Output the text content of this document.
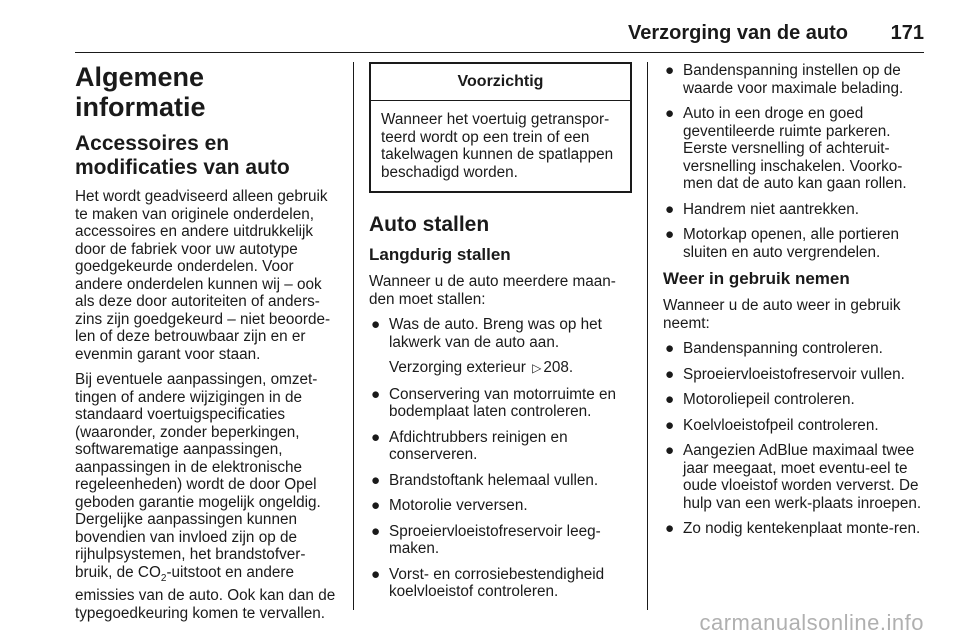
Verzorging van de auto 171
Algemene informatie
Accessoires en modificaties van auto

Het wordt geadviseerd alleen gebruik te maken van originele onderdelen, accessoires en andere uitdrukkelijk door de fabriek voor uw autotype goedgekeurde onderdelen. Voor andere onderdelen kunnen wij – ook als deze door autoriteiten of anders-zins zijn goedgekeurd – niet beoorde-len of deze betrouwbaar zijn en er evenmin garant voor staan.

Bij eventuele aanpassingen, omzet-tingen of andere wijzigingen in de standaard voertuigspecificaties (waaronder, zonder beperkingen, softwarematige aanpassingen, aanpassingen in de elektronische regeleenheden) wordt de door Opel geboden garantie mogelijk ongeldig. Dergelijke aanpassingen kunnen bovendien van invloed zijn op de rijhulpsystemen, het brandstofver-bruik, de $CO_2$-uitstoot en andere emissies van de auto. Ook kan dan de typegoedkeuring komen te vervallen.

Voorzichtig
Wanneer het voertuig getranspor-teerd wordt op een trein of een takelwagen kunnen de spatlappen beschadigd worden.
Auto stallen
Langdurig stallen

Wanneer u de auto meerdere maan-den moet stallen:

● Was de auto. Breng was op het lakwerk van de auto aan.

Verzorging exterieur ▷ 208.

● Conservering van motorruimte en bodemplaat laten controleren.
● Afdichtrubbers reinigen en conserveren.
● Brandstoftank helemaal vullen.
● Motorolie verversen.
● Sproeiervloeistofreservoir leeg-maken.
● Vorst- en corrosiebestendigheid koelvloeistof controleren.
● Bandenspanning instellen op de waarde voor maximale belading.
● Auto in een droge en goed geventileerde ruimte parkeren. Eerste versnelling of achteruit-versnelling inschakelen. Voorko-men dat de auto kan gaan rollen.
● Handrem niet aantrekken.
● Motorkap openen, alle portieren sluiten en auto vergrendelen.
Weer in gebruik nemen

Wanneer u de auto weer in gebruik neemt:

● Bandenspanning controleren.
● Sproeiervloeistofreservoir vullen.
● Motoroliepeil controleren.
● Koelvloeistofpeil controleren.
● Aangezien AdBlue maximaal twee jaar meegaat, moet eventu-eel te oude vloeistof worden ververst. De hulp van een werk-plaats inroepen.
● Zo nodig kentekenplaat monte-ren.
carmanualsonline.info
